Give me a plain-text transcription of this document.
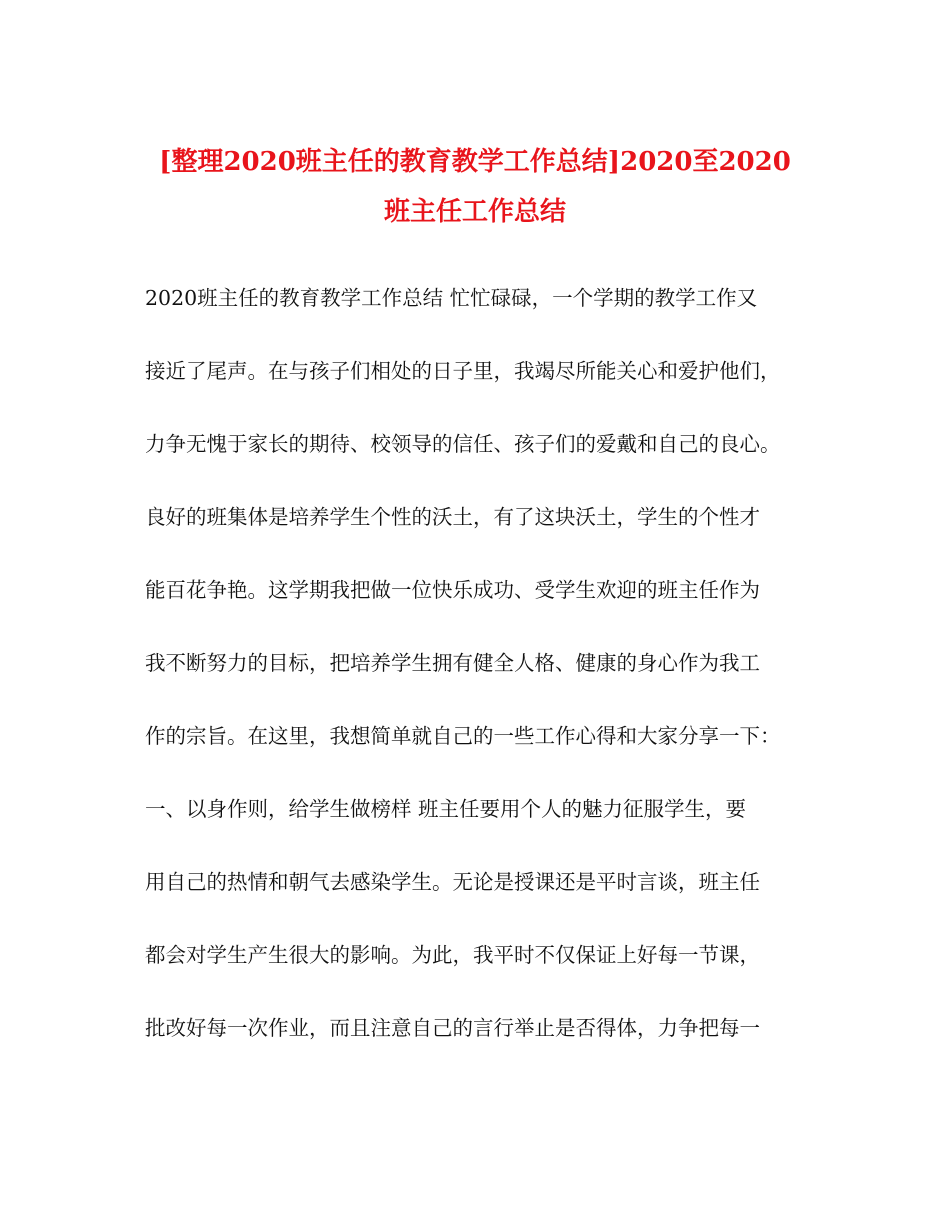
[整理2020班主任的教育教学工作总结]2020至2020
班主任工作总结

2020班主任的教育教学工作总结 忙忙碌碌，一个学期的教学工作又

接近了尾声。在与孩子们相处的日子里，我竭尽所能关心和爱护他们，

力争无愧于家长的期待、校领导的信任、孩子们的爱戴和自己的良心。

良好的班集体是培养学生个性的沃土，有了这块沃土，学生的个性才

能百花争艳。这学期我把做一位快乐成功、受学生欢迎的班主任作为

我不断努力的目标，把培养学生拥有健全人格、健康的身心作为我工

作的宗旨。在这里，我想简单就自己的一些工作心得和大家分享一下：

一、以身作则，给学生做榜样 班主任要用个人的魅力征服学生，要

用自己的热情和朝气去感染学生。无论是授课还是平时言谈，班主任

都会对学生产生很大的影响。为此，我平时不仅保证上好每一节课，

批改好每一次作业，而且注意自己的言行举止是否得体，力争把每一
